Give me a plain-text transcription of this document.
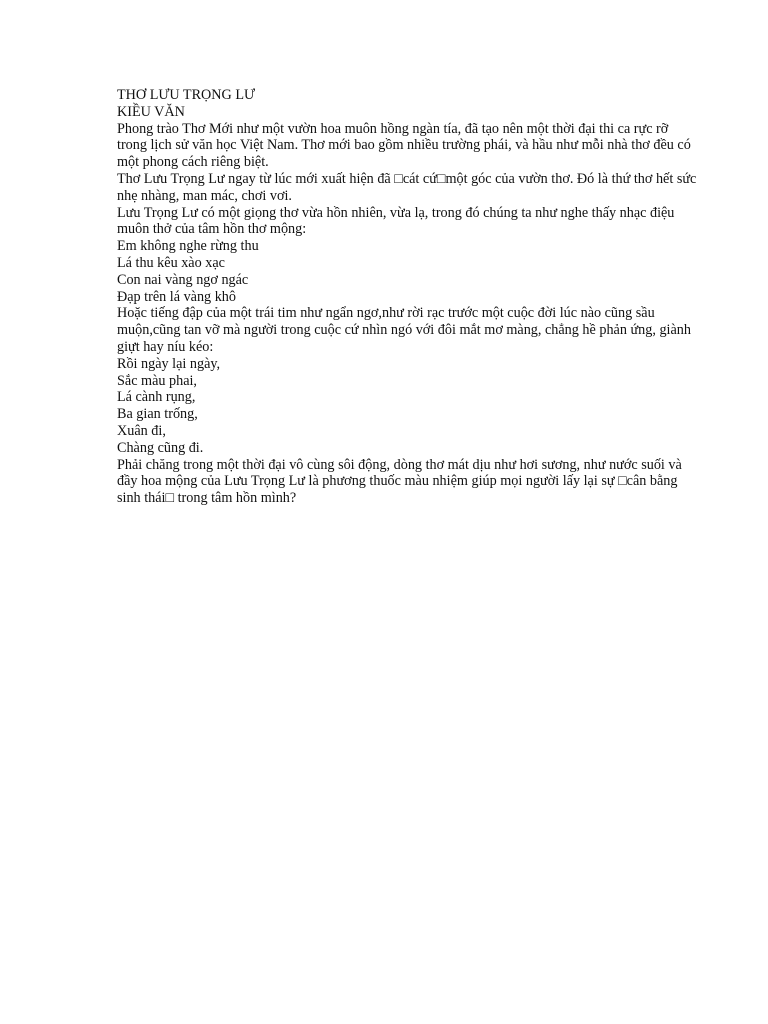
THƠ LƯU TRỌNG LƯ

KIỀU VĂN

Phong trào Thơ Mới như một vườn hoa muôn hồng ngàn tía, đã tạo nên một thời đại thi ca rực rỡ trong lịch sử văn học Việt Nam. Thơ mới bao gồm nhiều trường phái, và hầu như mỗi nhà thơ đều có một phong cách riêng biệt.

Thơ Lưu Trọng Lư ngay từ lúc mới xuất hiện đã □cát cứ□một góc của vườn thơ. Đó là thứ thơ hết sức nhẹ nhàng, man mác, chơi vơi.

Lưu Trọng Lư có một giọng thơ vừa hồn nhiên, vừa lạ, trong đó chúng ta như nghe thấy nhạc điệu muôn thở của tâm hồn thơ mộng:

Em không nghe rừng thu

Lá thu kêu xào xạc

Con nai vàng ngơ ngác

Đạp trên lá vàng khô

Hoặc tiếng đập của một trái tim như ngẩn ngơ,như rời rạc trước một cuộc đời lúc nào cũng sầu muộn,cũng tan vỡ mà người trong cuộc cứ nhìn ngó với đôi mắt mơ màng, chẳng hề phản ứng, giành giựt hay níu kéo:

Rồi ngày lại ngày,

Sắc màu phai,

Lá cành rụng,

Ba gian trống,

Xuân đi,

Chàng cũng đi.

Phải chăng trong một thời đại vô cùng sôi động, dòng thơ mát dịu như hơi sương, như nước suối và đầy hoa mộng của Lưu Trọng Lư là phương thuốc màu nhiệm giúp mọi người lấy lại sự □cân bằng sinh thái□ trong tâm hồn mình?
